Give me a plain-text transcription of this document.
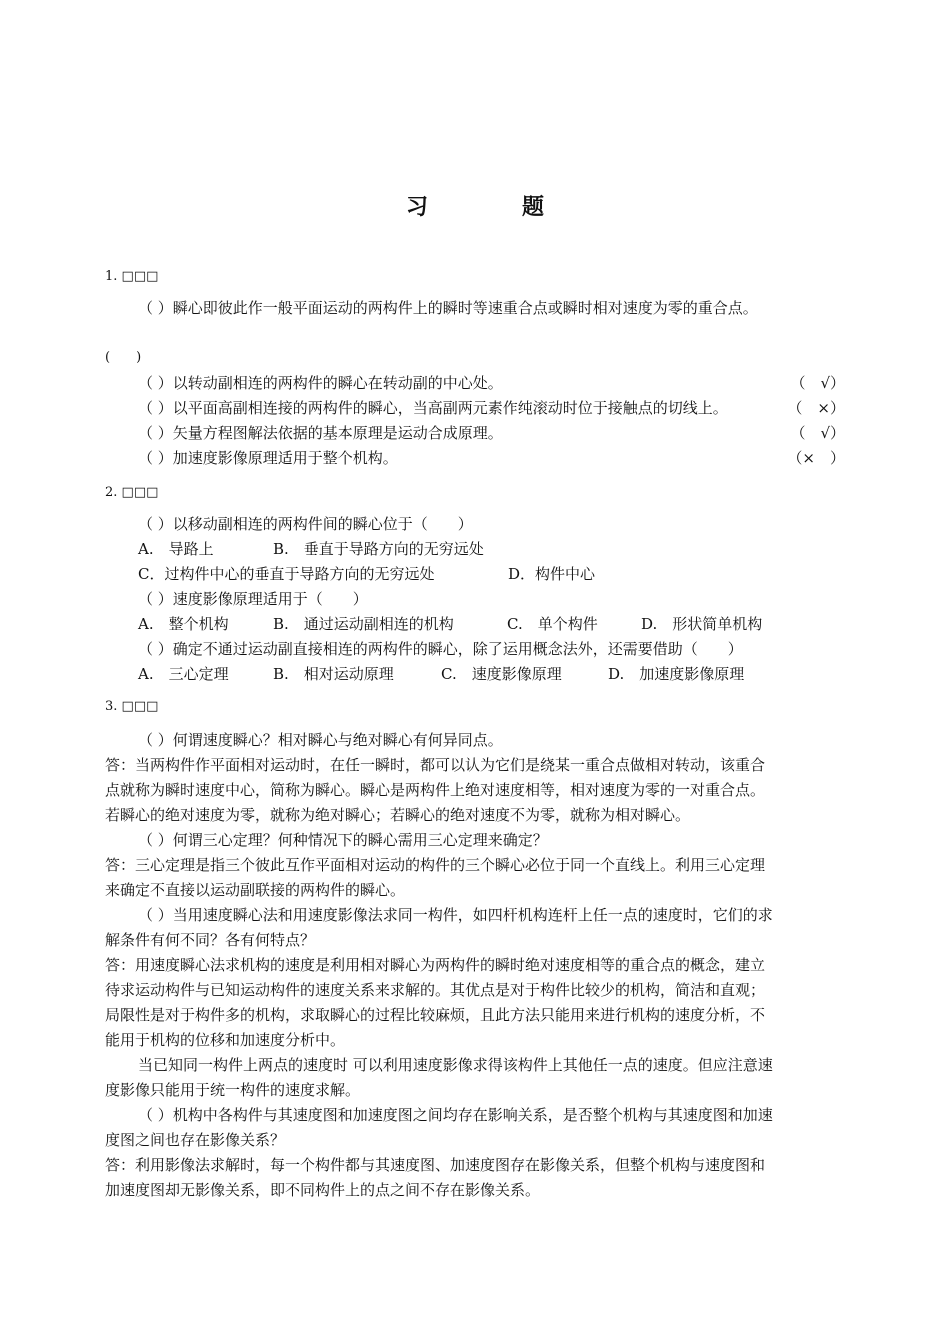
习　题
1. □□□
（ ）瞬心即彼此作一般平面运动的两构件上的瞬时等速重合点或瞬时相对速度为零的重合点。
(　　)
（ ）以转动副相连的两构件的瞬心在转动副的中心处。	（　√）
（ ）以平面高副相连接的两构件的瞬心，当高副两元素作纯滚动时位于接触点的切线上。	（　×）
（ ）矢量方程图解法依据的基本原理是运动合成原理。	（　√）
（ ）加速度影像原理适用于整个机构。	（×　）
2. □□□
（ ）以移动副相连的两构件间的瞬心位于（　　）
A.　导路上	B.　垂直于导路方向的无穷远处
C．过构件中心的垂直于导路方向的无穷远处	D．构件中心
（ ）速度影像原理适用于（　　）
A.　整个机构	B.　通过运动副相连的机构	C.　单个构件	D.　形状简单机构
（ ）确定不通过运动副直接相连的两构件的瞬心，除了运用概念法外，还需要借助（　　）
A.　三心定理	B.　相对运动原理	C.　速度影像原理	D.　加速度影像原理
3. □□□
（ ）何谓速度瞬心？相对瞬心与绝对瞬心有何异同点。
答：当两构件作平面相对运动时，在任一瞬时，都可以认为它们是绕某一重合点做相对转动，该重合
点就称为瞬时速度中心，简称为瞬心。瞬心是两构件上绝对速度相等，相对速度为零的一对重合点。
若瞬心的绝对速度为零，就称为绝对瞬心；若瞬心的绝对速度不为零，就称为相对瞬心。
（ ）何谓三心定理？何种情况下的瞬心需用三心定理来确定？
答：三心定理是指三个彼此互作平面相对运动的构件的三个瞬心必位于同一个直线上。利用三心定理
来确定不直接以运动副联接的两构件的瞬心。
（ ）当用速度瞬心法和用速度影像法求同一构件，如四杆机构连杆上任一点的速度时，它们的求
解条件有何不同？各有何特点？
答：用速度瞬心法求机构的速度是利用相对瞬心为两构件的瞬时绝对速度相等的重合点的概念，建立
待求运动构件与已知运动构件的速度关系来求解的。其优点是对于构件比较少的机构，简洁和直观；
局限性是对于构件多的机构，求取瞬心的过程比较麻烦，且此方法只能用来进行机构的速度分析，不
能用于机构的位移和加速度分析中。
当已知同一构件上两点的速度时 可以利用速度影像求得该构件上其他任一点的速度。但应注意速
度影像只能用于统一构件的速度求解。
（ ）机构中各构件与其速度图和加速度图之间均存在影响关系，是否整个机构与其速度图和加速
度图之间也存在影像关系？
答：利用影像法求解时，每一个构件都与其速度图、加速度图存在影像关系，但整个机构与速度图和
加速度图却无影像关系，即不同构件上的点之间不存在影像关系。
